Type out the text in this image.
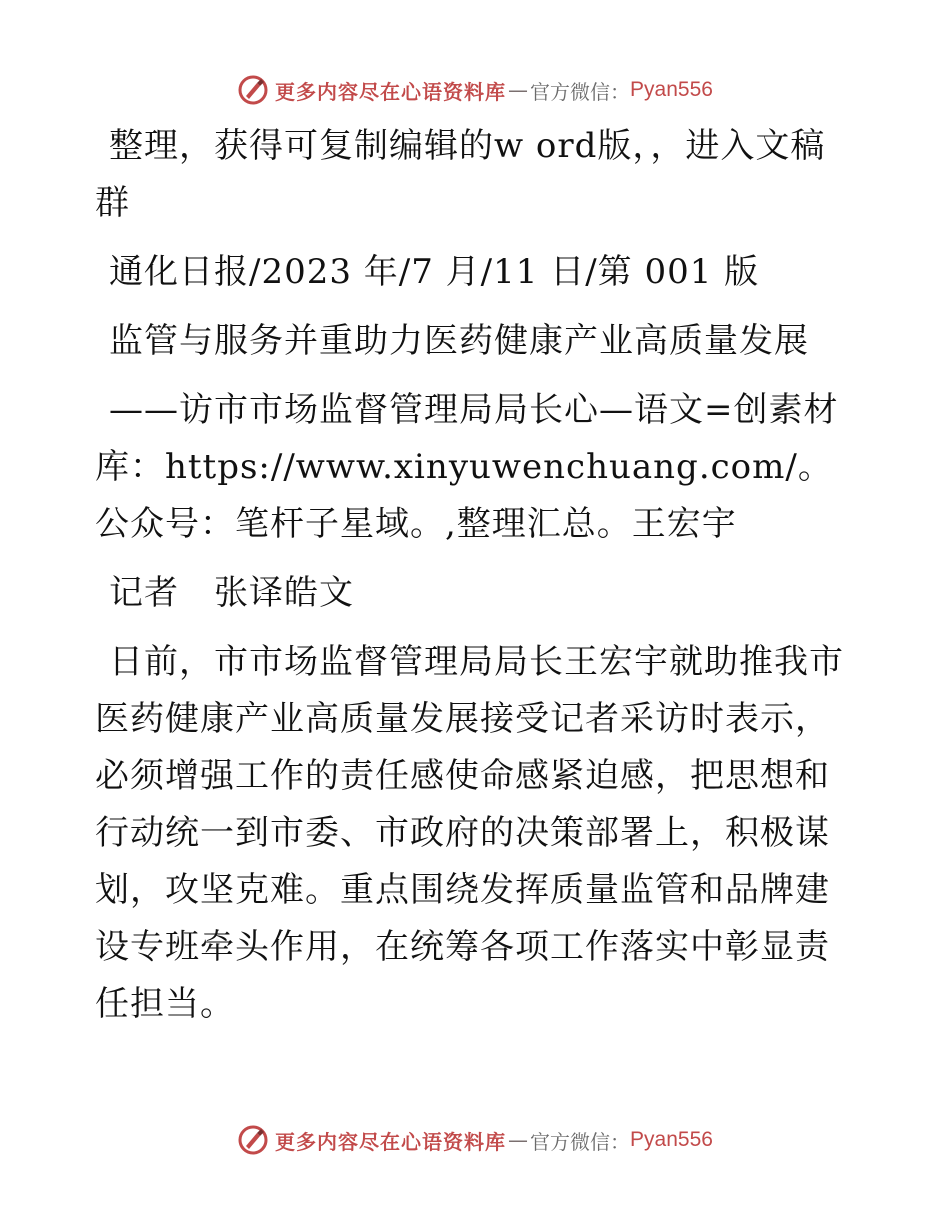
更多内容尽在心语资料库 — 官方微信： Pyan556

整理，获得可复制编辑的w ord版，，进入文稿群

通化日报/2023 年/7 月/11 日/第 001 版

监管与服务并重助力医药健康产业高质量发展

——访市市场监督管理局局长心—语文=创素材库：https://www.xinyuwenchuang.com/。公众号：笔杆子星域。,整理汇总。王宏宇

记者　张译皓文

日前，市市场监督管理局局长王宏宇就助推我市医药健康产业高质量发展接受记者采访时表示，必须增强工作的责任感使命感紧迫感，把思想和行动统一到市委、市政府的决策部署上，积极谋划，攻坚克难。重点围绕发挥质量监管和品牌建设专班牵头作用，在统筹各项工作落实中彰显责任担当。

更多内容尽在心语资料库 — 官方微信： Pyan556
